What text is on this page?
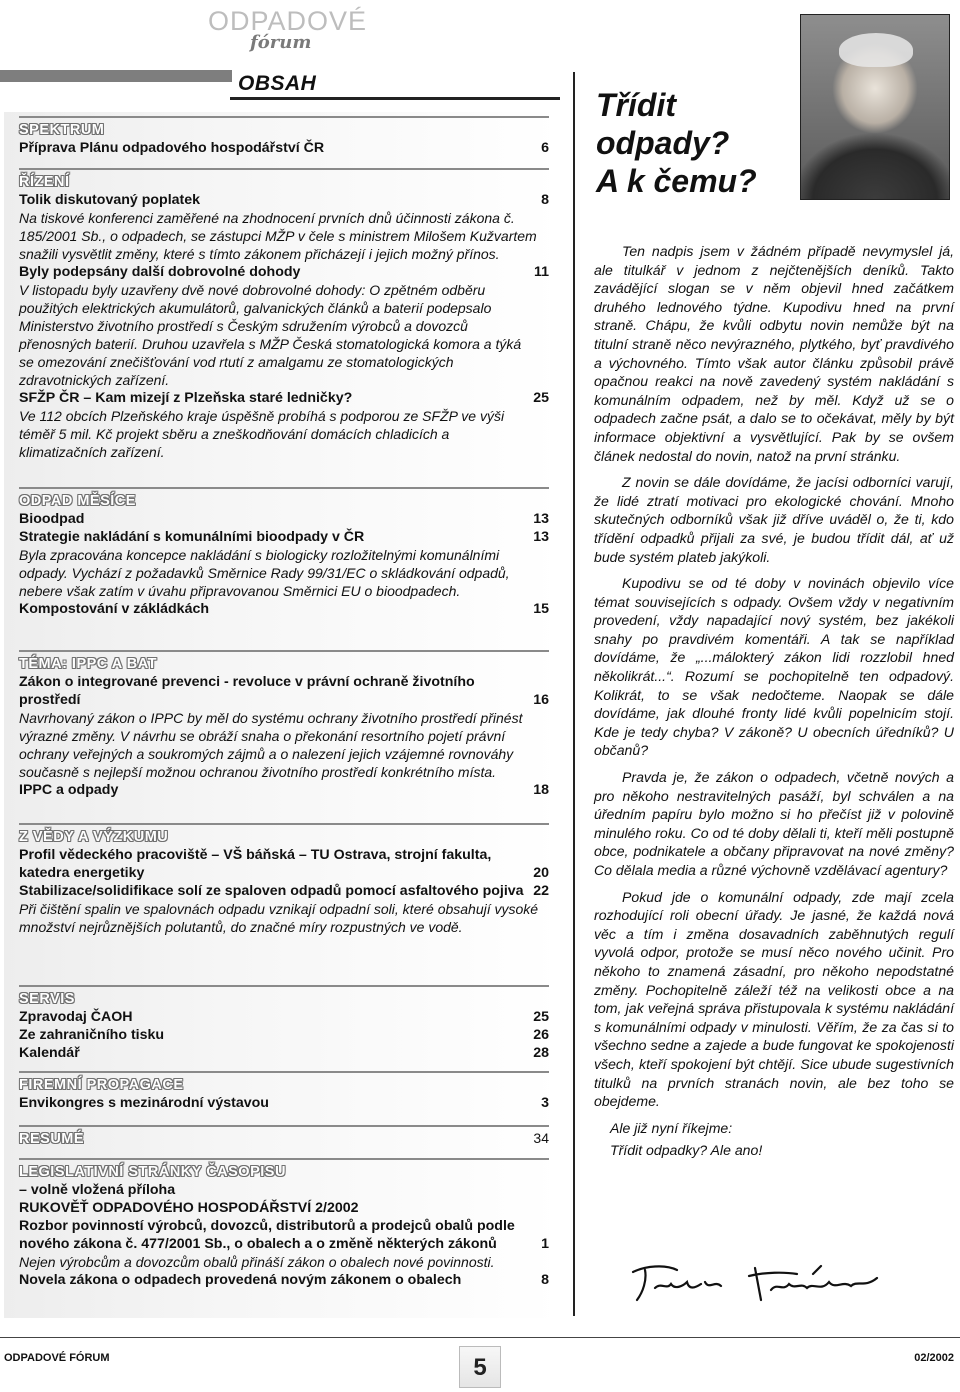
ODPADOVÉ
fórum
OBSAH
SPEKTRUM
Příprava Plánu odpadového hospodářství ČR	6
ŘÍZENÍ
Tolik diskutovaný poplatek	8
Na tiskové konferenci zaměřené na zhodnocení prvních dnů účinnosti zákona č. 185/2001 Sb., o odpadech, se zástupci MŽP v čele s ministrem Milošem Kužvartem snažili vysvětlit změny, které s tímto zákonem přicházejí i jejich možný přínos.
Byly podepsány další dobrovolné dohody	11
V listopadu byly uzavřeny dvě nové dobrovolné dohody: O zpětném odběru použitých elektrických akumulátorů, galvanických článků a baterií podepsalo Ministerstvo životního prostředí s Českým sdružením výrobců a dovozců přenosných baterií. Druhou uzavřela s MŽP Česká stomatologická komora a týká se omezování znečišťování vod rtutí z amalgamu ze stomatologických zdravotnických zařízení.
SFŽP ČR – Kam mizejí z Plzeňska staré ledničky?	25
Ve 112 obcích Plzeňského kraje úspěšně probíhá s podporou ze SFŽP ve výši téměř 5 mil. Kč projekt sběru a zneškodňování domácích chladicích a klimatizačních zařízení.
ODPAD MĚSÍCE
Bioodpad	13
Strategie nakládání s komunálními bioodpady v ČR	13
Byla zpracována koncepce nakládání s biologicky rozložitelnými komunálními odpady. Vychází z požadavků Směrnice Rady 99/31/EC o skládkování odpadů, nebere však zatím v úvahu připravovanou Směrnici EU o bioodpadech.
Kompostování v zákládkách	15
TÉMA: IPPC A BAT
Zákon o integrované prevenci - revoluce v právní ochraně životního prostředí	16
Navrhovaný zákon o IPPC by měl do systému ochrany životního prostředí přinést výrazné změny. V návrhu se obráží snaha o překonání resortního pojetí právní ochrany veřejných a soukromých zájmů a o nalezení jejich vzájemné rovnováhy současně s nejlepší možnou ochranou životního prostředí konkrétního místa.
IPPC a odpady	18
Z VĚDY A VÝZKUMU
Profil vědeckého pracoviště – VŠ báňská – TU Ostrava, strojní fakulta, katedra energetiky	20
Stabilizace/solidifikace solí ze spaloven odpadů pomocí asfaltového pojiva 22
Při čištění spalin ve spalovnách odpadu vznikají odpadní soli, které obsahují vysoké množství nejrůznějších polutantů, do značné míry rozpustných ve vodě.
SERVIS
Zpravodaj ČAOH	25
Ze zahraničního tisku	26
Kalendář	28
FIREMNÍ PROPAGACE
Envikongres s mezinárodní výstavou	3
RESUMÉ	34
LEGISLATIVNÍ STRÁNKY ČASOPISU
– volně vložená příloha
RUKOVĚŤ ODPADOVÉHO HOSPODÁŘSTVÍ 2/2002
Rozbor povinností výrobců, dovozců, distributorů a prodejců obalů podle nového zákona č. 477/2001 Sb., o obalech a o změně některých zákonů	1
Nejen výrobcům a dovozcům obalů přináší zákon o obalech nové povinnosti.
Novela zákona o odpadech provedená novým zákonem o obalech	8
Třídit
odpady?
A k čemu?

Ten nadpis jsem v žádném případě nevymyslel já, ale titulkář v jednom z nejčtenějších deníků. Takto zavádějící slogan se v něm objevil hned začátkem druhého lednového týdne. Kupodivu hned na první straně. Chápu, že kvůli odbytu novin nemůže být na titulní straně něco nevýrazného, plytkého, byť pravdivého a výchovného. Tímto však autor článku způsobil právě opačnou reakci na nově zavedený systém nakládání s komunálním odpadem, než by měl. Když už se o odpadech začne psát, a dalo se to očekávat, měly by být informace objektivní a vysvětlující. Pak by se ovšem článek nedostal do novin, natož na první stránku.

Z novin se dále dovídáme, že jacísi odborníci varují, že lidé ztratí motivaci pro ekologické chování. Mnoho skutečných odborníků však již dříve uváděl o, že ti, kdo třídění odpadků přijali za své, je budou třídit dál, ať už bude systém plateb jakýkoli.

Kupodivu se od té doby v novinách objevilo více témat souvisejících s odpady. Ovšem vždy v negativním provedení, vždy napadající nový systém, bez jakékoli snahy po pravdivém komentáři. A tak se například dovídáme, že „...málokterý zákon lidi rozzlobil hned několikrát...“. Rozumí se pochopitelně ten odpadový. Kolikrát, to se však nedočteme. Naopak se dále dovídáme, jak dlouhé fronty lidé kvůli popelnicím stojí. Kde je tedy chyba? V zákoně? U obecních úředníků? U občanů?

Pravda je, že zákon o odpadech, včetně nových a pro někoho nestravitelných pasáží, byl schválen a na úředním papíru bylo možno si ho přečíst již v polovině minulého roku. Co od té doby dělali ti, kteří měli postupně obce, podnikatele a občany připravovat na nové změny? Co dělala media a různé výchovně vzdělávací agentury?

Pokud jde o komunální odpady, zde mají zcela rozhodující roli obecní úřady. Je jasné, že každá nová věc a tím i změna dosavadních zaběhnutých regulí vyvolá odpor, protože se musí něco nového učinit. Pro někoho to znamená zásadní, pro někoho nepodstatné změny. Pochopitelně záleží též na velikosti obce a na tom, jak veřejná správa přistupovala k systému nakládání s komunálními odpady v minulosti. Věřím, že za čas si to všechno sedne a zajede a bude fungovat ke spokojenosti všech, kteří spokojení být chtějí. Sice ubude sugestivních titulků na prvních stranách novin, ale bez toho se obejdeme.

Ale již nyní říkejme:

Třídit odpadky? Ale ano!

ODPADOVÉ FÓRUM	5	02/2002
